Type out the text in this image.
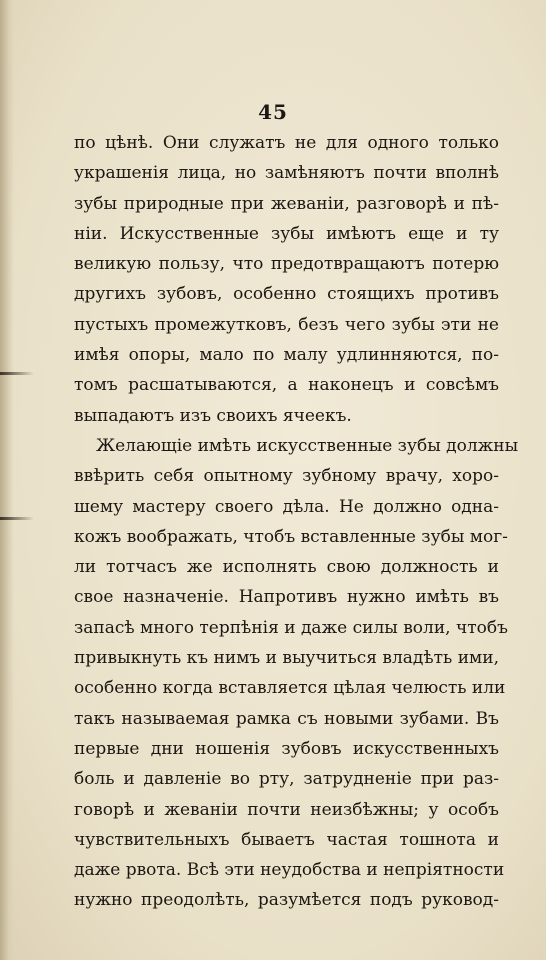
45
по цѣнѣ. Они служатъ не для одного только
украшенія лица, но замѣняютъ почти вполнѣ
зубы природные при жеваніи, разговорѣ и пѣ-
ніи. Искусственные зубы имѣютъ еще и ту
великую пользу, что предотвращаютъ потерю
другихъ зубовъ, особенно стоящихъ противъ
пустыхъ промежутковъ, безъ чего зубы эти не
имѣя опоры, мало по малу удлинняются, по-
томъ расшатываются, а наконецъ и совсѣмъ
выпадаютъ изъ своихъ ячеекъ.
Желающіе имѣть искусственные зубы должны
ввѣрить себя опытному зубному врачу, хоро-
шему мастеру своего дѣла. Не должно одна-
кожъ воображать, чтобъ вставленные зубы мог-
ли тотчасъ же исполнять свою должность и
свое назначеніе. Напротивъ нужно имѣть въ
запасѣ много терпѣнія и даже силы воли, чтобъ
привыкнуть къ нимъ и выучиться владѣть ими,
особенно когда вставляется цѣлая челюсть или
такъ называемая рамка съ новыми зубами. Въ
первые дни ношенія зубовъ искусственныхъ
боль и давленіе во рту, затрудненіе при раз-
говорѣ и жеваніи почти неизбѣжны; у особъ
чувствительныхъ бываетъ частая тошнота и
даже рвота. Всѣ эти неудобства и непріятности
нужно преодолѣть, разумѣется подъ руковод-
